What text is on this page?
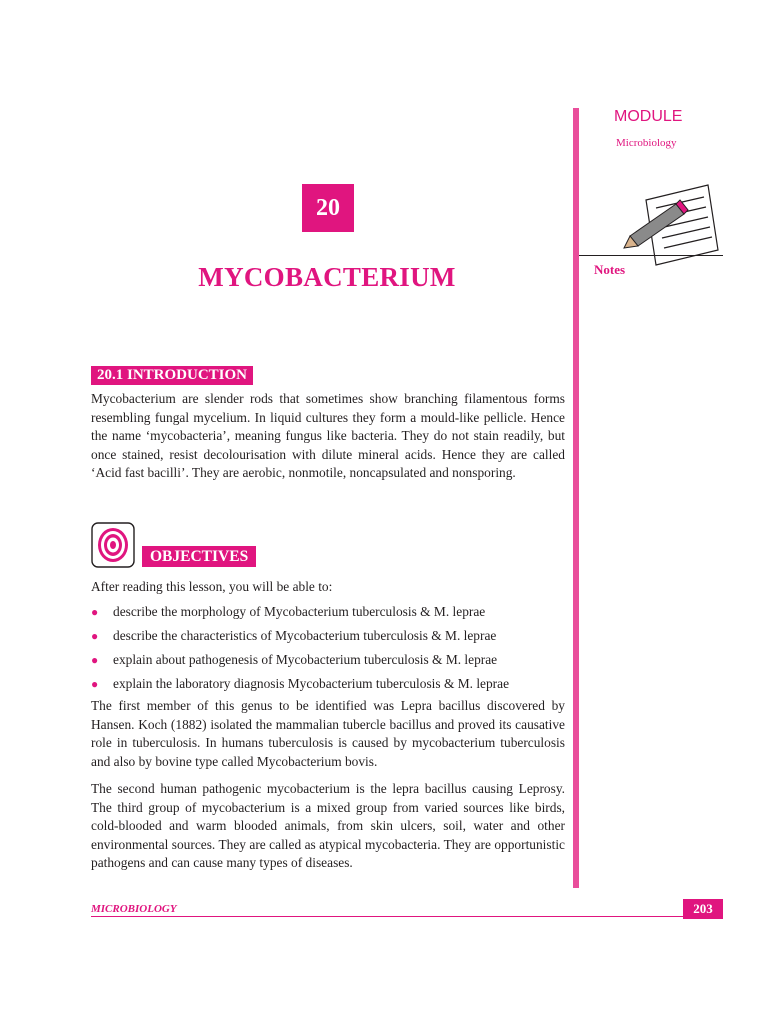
MODULE
Microbiology
Notes
20
MYCOBACTERIUM
20.1 INTRODUCTION
Mycobacterium are slender rods that sometimes show branching filamentous forms resembling fungal mycelium. In liquid cultures they form a mould-like pellicle. Hence the name ‘mycobacteria’, meaning fungus like bacteria. They do not stain readily, but once stained, resist decolourisation with dilute mineral acids. Hence they are called ‘Acid fast bacilli’. They are aerobic, nonmotile, noncapsulated and nonsporing.
OBJECTIVES
After reading this lesson, you will be able to:
●	describe the morphology of Mycobacterium tuberculosis & M. leprae
●	describe the characteristics of Mycobacterium tuberculosis & M. leprae
●	explain about pathogenesis of Mycobacterium tuberculosis & M. leprae
●	explain the laboratory diagnosis Mycobacterium tuberculosis & M. leprae
The first member of this genus to be identified was Lepra bacillus discovered by Hansen. Koch (1882) isolated the mammalian tubercle bacillus and proved its causative role in tuberculosis. In humans tuberculosis is caused by mycobacterium tuberculosis and also by bovine type called Mycobacterium bovis.
The second human pathogenic mycobacterium is the lepra bacillus causing Leprosy. The third group of mycobacterium is a mixed group from varied sources like birds, cold-blooded and warm blooded animals, from skin ulcers, soil, water and other environmental sources. They are called as atypical mycobacteria. They are opportunistic pathogens and can cause many types of diseases.
MICROBIOLOGY	203
